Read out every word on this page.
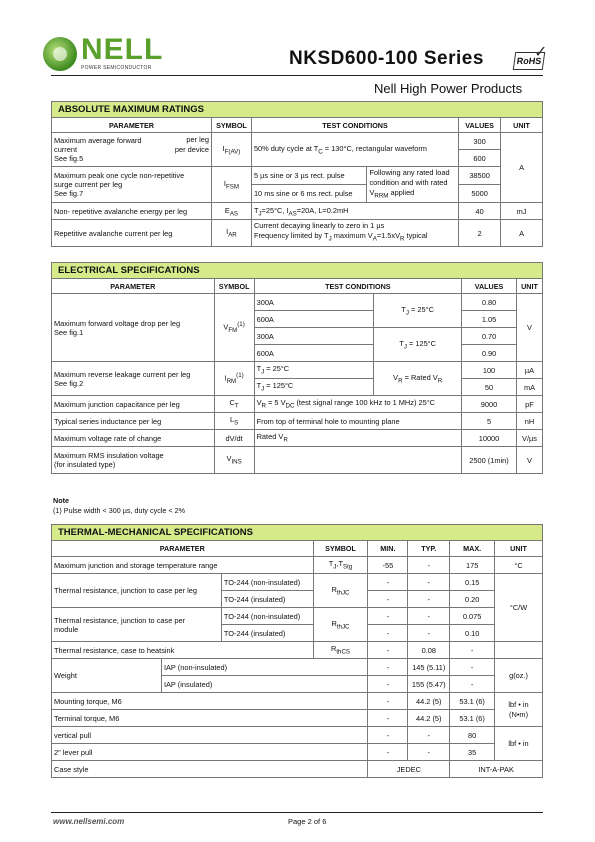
NELL
POWER SEMICONDUCTOR	NKSD600-100 Series	RoHS
✓
Nell High Power Products
ABSOLUTE MAXIMUM RATINGS					
PARAMETER	SYMBOL	TEST CONDITIONS		VALUES	UNIT

Maximum average forward current
See fig.5
per leg
per device	$I_{F(AV)}$	50% duty cycle at $T_C = 130^\circ C$, rectangular waveform		300	A
				600	

Maximum peak one cycle non-repetitive surge current per leg
See fig.7	$I_{FSM}$	5 µs sine or 3 µs rect. pulse	Following any rated load condition and with rated $V_{RRM}$ applied	38500	
		10 ms sine or 6 ms rect. pulse		5000	
Non- repetitive avalanche energy per leg	$E_{AS}$	$T_J=25^\circ C$, $I_{AS}=20A$, L=0.2mH		40	mJ
Repetitive avalanche current per leg	$I_{AR}$	Current decaying linearly to zero in 1 µs
Frequency limited by $T_J$ maximum $V_A=1.5xV_R$ typical		2	A
ELECTRICAL SPECIFICATIONS					
PARAMETER	SYMBOL	TEST CONDITIONS		VALUES	UNIT

Maximum forward voltage drop per leg
See fig.1	$V_{FM}^{(1)}$	300A	$T_J = 25^\circ C$	0.80	V
		600A		1.05	
		300A	$T_J = 125^\circ C$	0.70	
		600A		0.90	

Maximum reverse leakage current per leg
See fig.2	$I_{RM}^{(1)}$	$T_J = 25^\circ C$	$V_R$ = Rated $V_R$	100	µA
		$T_J = 125^\circ C$		50	mA
Maximum junction capacitance per leg	$C_T$	$V_R = 5$ $V_{DC}$ (test signal range 100 kHz to 1 MHz) 25°C		9000	pF
Typical series inductance per leg	$L_S$	From top of terminal hole to mounting plane		5	nH
Maximum voltage rate of change	dV/dt	Rated $V_R$		10000	V/µs

Maximum RMS insulation voltage
(for insulated type)	$V_{INS}$			2500 (1min)	V
Note
(1) Pulse width < 300 µs, duty cycle < 2%
THERMAL-MECHANICAL SPECIFICATIONS							
PARAMETER			SYMBOL	MIN.	TYP.	MAX.	UNIT
Maximum junction and storage temperature range			$T_J,T_{Stg}$	-55	-	175	°C
Thermal resistance, junction to case per leg		TO-244 (non-insulated)	$R_{thJC}$	-	-	0.15	°C/W
		TO-244 (insulated)		-	-	0.20	

Thermal resistance, junction to case per module		TO-244 (non-insulated)	$R_{thJC}$	-	-	0.075	
		TO-244 (insulated)		-	-	0.10	
Thermal resistance, case to heatsink			$R_{thCS}$	-	0.08	-	
Weight	IAP (non-insulated)			-	145 (5.11)	-	g(oz.)
	IAP (insulated)			-	155 (5.47)	-	
Mounting torque, M6				-	44.2 (5)	53.1 (6)	lbf • in
(N•m)

Terminal torque, M6				-	44.2 (5)	53.1 (6)	
vertical pull				-	-	80	lbf • in
2" lever pull				-	-	35	
Case style				JEDEC		INT-A-PAK	
www.nellsemi.com	Page 2 of 6
